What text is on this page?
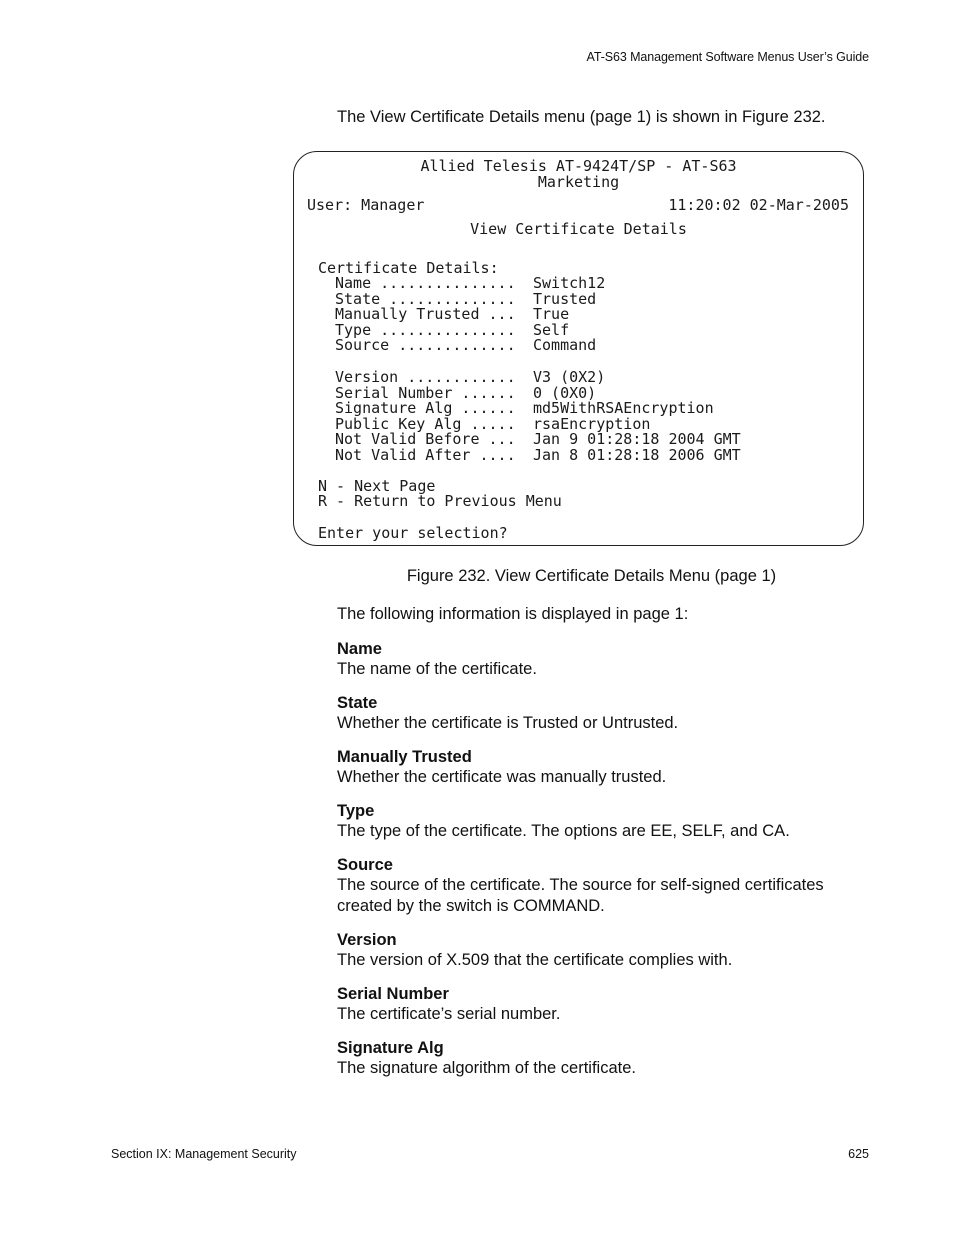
AT-S63 Management Software Menus User’s Guide

The View Certificate Details menu (page 1) is shown in Figure 232.

Allied Telesis AT-9424T/SP - AT-S63
Marketing
User: Manager	11:20:02 02-Mar-2005
View Certificate Details
Certificate Details:
Name ............... Switch12
State .............. Trusted
Manually Trusted ... True
Type ............... Self
Source ............. Command
Version ............ V3 (0X2)
Serial Number ...... 0 (0X0)
Signature Alg ...... md5WithRSAEncryption
Public Key Alg ..... rsaEncryption
Not Valid Before ... Jan 9 01:28:18 2004 GMT
Not Valid After .... Jan 8 01:28:18 2006 GMT
N - Next Page
R - Return to Previous Menu
Enter your selection?
Figure 232. View Certificate Details Menu (page 1)
The following information is displayed in page 1:
Name
The name of the certificate.
State
Whether the certificate is Trusted or Untrusted.
Manually Trusted
Whether the certificate was manually trusted.
Type
The type of the certificate. The options are EE, SELF, and CA.
Source
The source of the certificate. The source for self-signed certificates created by the switch is COMMAND.
Version
The version of X.509 that the certificate complies with.
Serial Number
The certificate’s serial number.
Signature Alg
The signature algorithm of the certificate.
Section IX: Management Security	625
